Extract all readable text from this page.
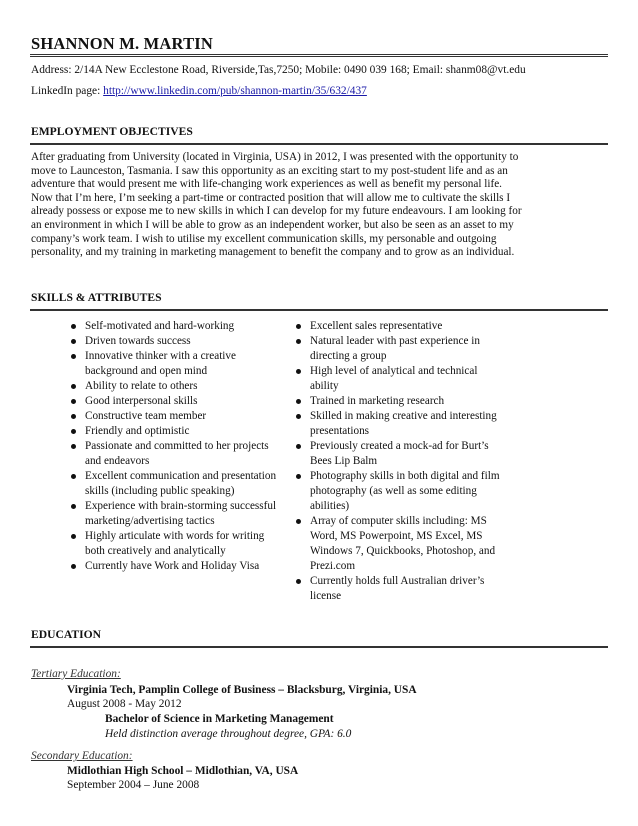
SHANNON M. MARTIN
Address: 2/14A New Ecclestone Road, Riverside,Tas,7250; Mobile: 0490 039 168; Email: shanm08@vt.edu
LinkedIn page: http://www.linkedin.com/pub/shannon-martin/35/632/437
EMPLOYMENT OBJECTIVES
After graduating from University (located in Virginia, USA) in 2012, I was presented with the opportunity to
move to Launceston, Tasmania. I saw this opportunity as an exciting start to my post-student life and as an
adventure that would present me with life-changing work experiences as well as benefit my personal life.
Now that I’m here, I’m seeking a part-time or contracted position that will allow me to cultivate the skills I
already possess or expose me to new skills in which I can develop for my future endeavours. I am looking for
an environment in which I will be able to grow as an independent worker, but also be seen as an asset to my
company’s work team. I wish to utilise my excellent communication skills, my personable and outgoing
personality, and my training in marketing management to benefit the company and to grow as an individual.
SKILLS & ATTRIBUTES
Self-motivated and hard-working
Driven towards success
Innovative thinker with a creative background and open mind
Ability to relate to others
Good interpersonal skills
Constructive team member
Friendly and optimistic
Passionate and committed to her projects and endeavors
Excellent communication and presentation skills (including public speaking)
Experience with brain-storming successful marketing/advertising tactics
Highly articulate with words for writing both creatively and analytically
Currently have Work and Holiday Visa
Excellent sales representative
Natural leader with past experience in directing a group
High level of analytical and technical ability
Trained in marketing research
Skilled in making creative and interesting presentations
Previously created a mock-ad for Burt’s Bees Lip Balm
Photography skills in both digital and film photography (as well as some editing abilities)
Array of computer skills including: MS Word, MS Powerpoint, MS Excel, MS Windows 7, Quickbooks, Photoshop, and Prezi.com
Currently holds full Australian driver’s license
EDUCATION
Tertiary Education:
Virginia Tech, Pamplin College of Business – Blacksburg, Virginia, USA
August 2008 - May 2012
Bachelor of Science in Marketing Management
Held distinction average throughout degree, GPA: 6.0
Secondary Education:
Midlothian High School – Midlothian, VA, USA
September 2004 – June 2008
